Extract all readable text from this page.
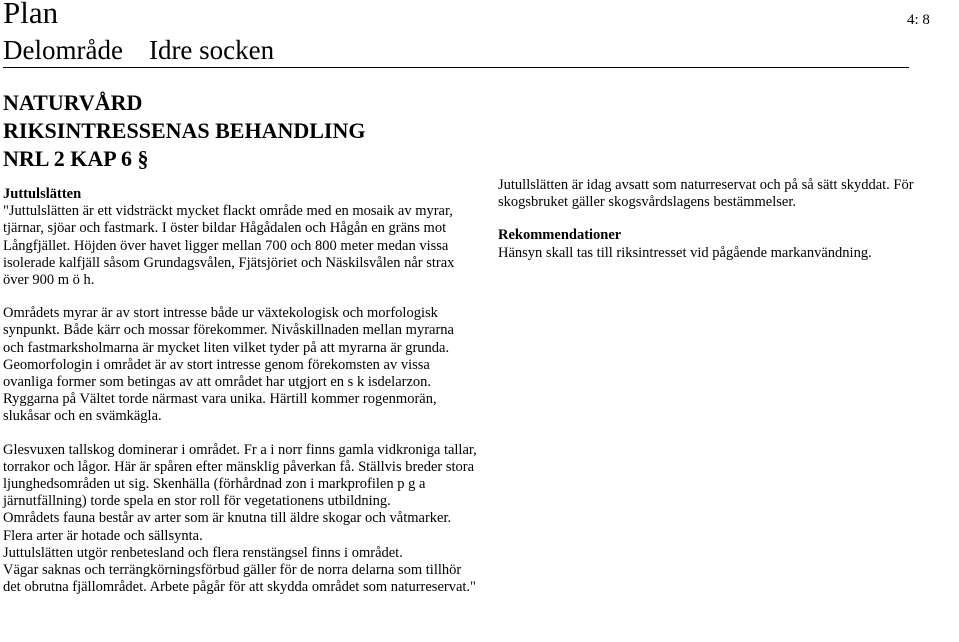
Plan
Delområde Idre socken
4: 8
NATURVÅRD
RIKSINTRESSENAS BEHANDLING
NRL 2 KAP 6 §

Juttulslätten

"Juttulslätten är ett vidsträckt mycket flackt område med en mosaik av myrar, tjärnar, sjöar och fastmark. I öster bildar Hågådalen och Hågån en gräns mot Långfjället. Höjden över havet ligger mellan 700 och 800 meter medan vissa isolerade kalfjäll såsom Grundagsvålen, Fjätsjöriet och Näskilsvålen når strax över 900 m ö h.

Områdets myrar är av stort intresse både ur växtekologisk och morfologisk synpunkt. Både kärr och mossar förekommer. Nivåskillnaden mellan myrarna och fastmarksholmarna är mycket liten vilket tyder på att myrarna är grunda. Geomorfologin i området är av stort intresse genom förekomsten av vissa ovanliga former som betingas av att området har utgjort en s k isdelarzon. Ryggarna på Vältet torde närmast vara unika. Härtill kommer rogenmorän, slukåsar och en svämkägla.

Glesvuxen tallskog dominerar i området. Fr a i norr finns gamla vidkroniga tallar, torrakor och lågor. Här är spåren efter mänsklig påverkan få. Ställvis breder stora ljunghedsområden ut sig. Skenhälla (förhårdnad zon i markprofilen p g a järnutfällning) torde spela en stor roll för vegetationens utbildning.

Områdets fauna består av arter som är knutna till äldre skogar och våtmarker. Flera arter är hotade och sällsynta.

Juttulslätten utgör renbetesland och flera renstängsel finns i området.

Vägar saknas och terrängkörningsförbud gäller för de norra delarna som tillhör det obrutna fjällområdet. Arbete pågår för att skydda området som naturreservat."

Jutullslätten är idag avsatt som naturreservat och på så sätt skyddat. För skogsbruket gäller skogsvårdslagens bestämmelser.

Rekommendationer

Hänsyn skall tas till riksintresset vid pågående markanvändning.
